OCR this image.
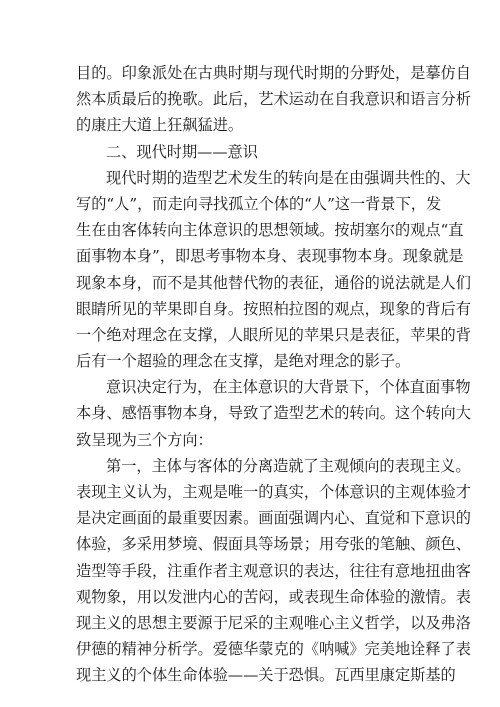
目的。印象派处在古典时期与现代时期的分野处，是摹仿自
然本质最后的挽歌。此后，艺术运动在自我意识和语言分析
的康庄大道上狂飙猛进。
二、现代时期——意识
现代时期的造型艺术发生的转向是在由强调共性的、大
写的“人”，而走向寻找孤立个体的“人”这一背景下，发
生在由客体转向主体意识的思想领域。按胡塞尔的观点“直
面事物本身”，即思考事物本身、表现事物本身。现象就是
现象本身，而不是其他替代物的表征，通俗的说法就是人们
眼睛所见的苹果即自身。按照柏拉图的观点，现象的背后有
一个绝对理念在支撑，人眼所见的苹果只是表征，苹果的背
后有一个超验的理念在支撑，是绝对理念的影子。
意识决定行为，在主体意识的大背景下，个体直面事物
本身、感悟事物本身，导致了造型艺术的转向。这个转向大
致呈现为三个方向：
第一，主体与客体的分离造就了主观倾向的表现主义。
表现主义认为，主观是唯一的真实，个体意识的主观体验才
是决定画面的最重要因素。画面强调内心、直觉和下意识的
体验，多采用梦境、假面具等场景；用夸张的笔触、颜色、
造型等手段，注重作者主观意识的表达，往往有意地扭曲客
观物象，用以发泄内心的苦闷，或表现生命体验的激情。表
现主义的思想主要源于尼采的主观唯心主义哲学，以及弗洛
伊德的精神分析学。爱德华蒙克的《呐喊》完美地诠释了表
现主义的个体生命体验——关于恐惧。瓦西里康定斯基的
